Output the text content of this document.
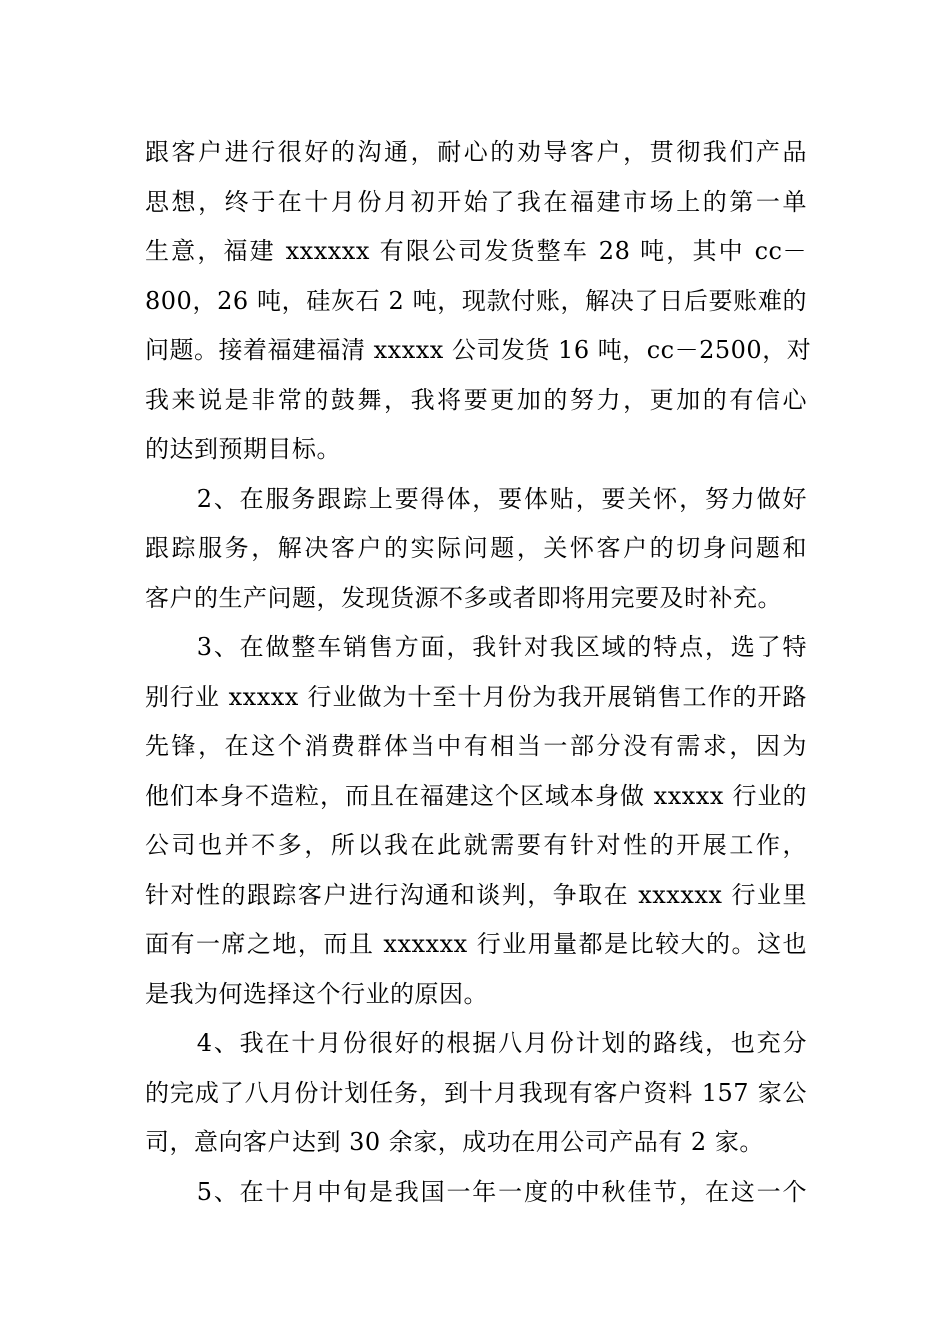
跟客户进行很好的沟通，耐心的劝导客户，贯彻我们产品
思想，终于在十月份月初开始了我在福建市场上的第一单
生意，福建 xxxxxx 有限公司发货整车 28 吨，其中 cc－
800，26 吨，硅灰石 2 吨，现款付账，解决了日后要账难的
问题。接着福建福清 xxxxx 公司发货 16 吨，cc－2500，对
我来说是非常的鼓舞，我将要更加的努力，更加的有信心
的达到预期目标。
　　2、在服务跟踪上要得体，要体贴，要关怀，努力做好
跟踪服务，解决客户的实际问题，关怀客户的切身问题和
客户的生产问题，发现货源不多或者即将用完要及时补充。
　　3、在做整车销售方面，我针对我区域的特点，选了特
别行业 xxxxx 行业做为十至十月份为我开展销售工作的开路
先锋，在这个消费群体当中有相当一部分没有需求，因为
他们本身不造粒，而且在福建这个区域本身做 xxxxx 行业的
公司也并不多，所以我在此就需要有针对性的开展工作，
针对性的跟踪客户进行沟通和谈判，争取在 xxxxxx 行业里
面有一席之地，而且 xxxxxx 行业用量都是比较大的。这也
是我为何选择这个行业的原因。
　　4、我在十月份很好的根据八月份计划的路线，也充分
的完成了八月份计划任务，到十月我现有客户资料 157 家公
司，意向客户达到 30 余家，成功在用公司产品有 2 家。
　　5、在十月中旬是我国一年一度的中秋佳节，在这一个
